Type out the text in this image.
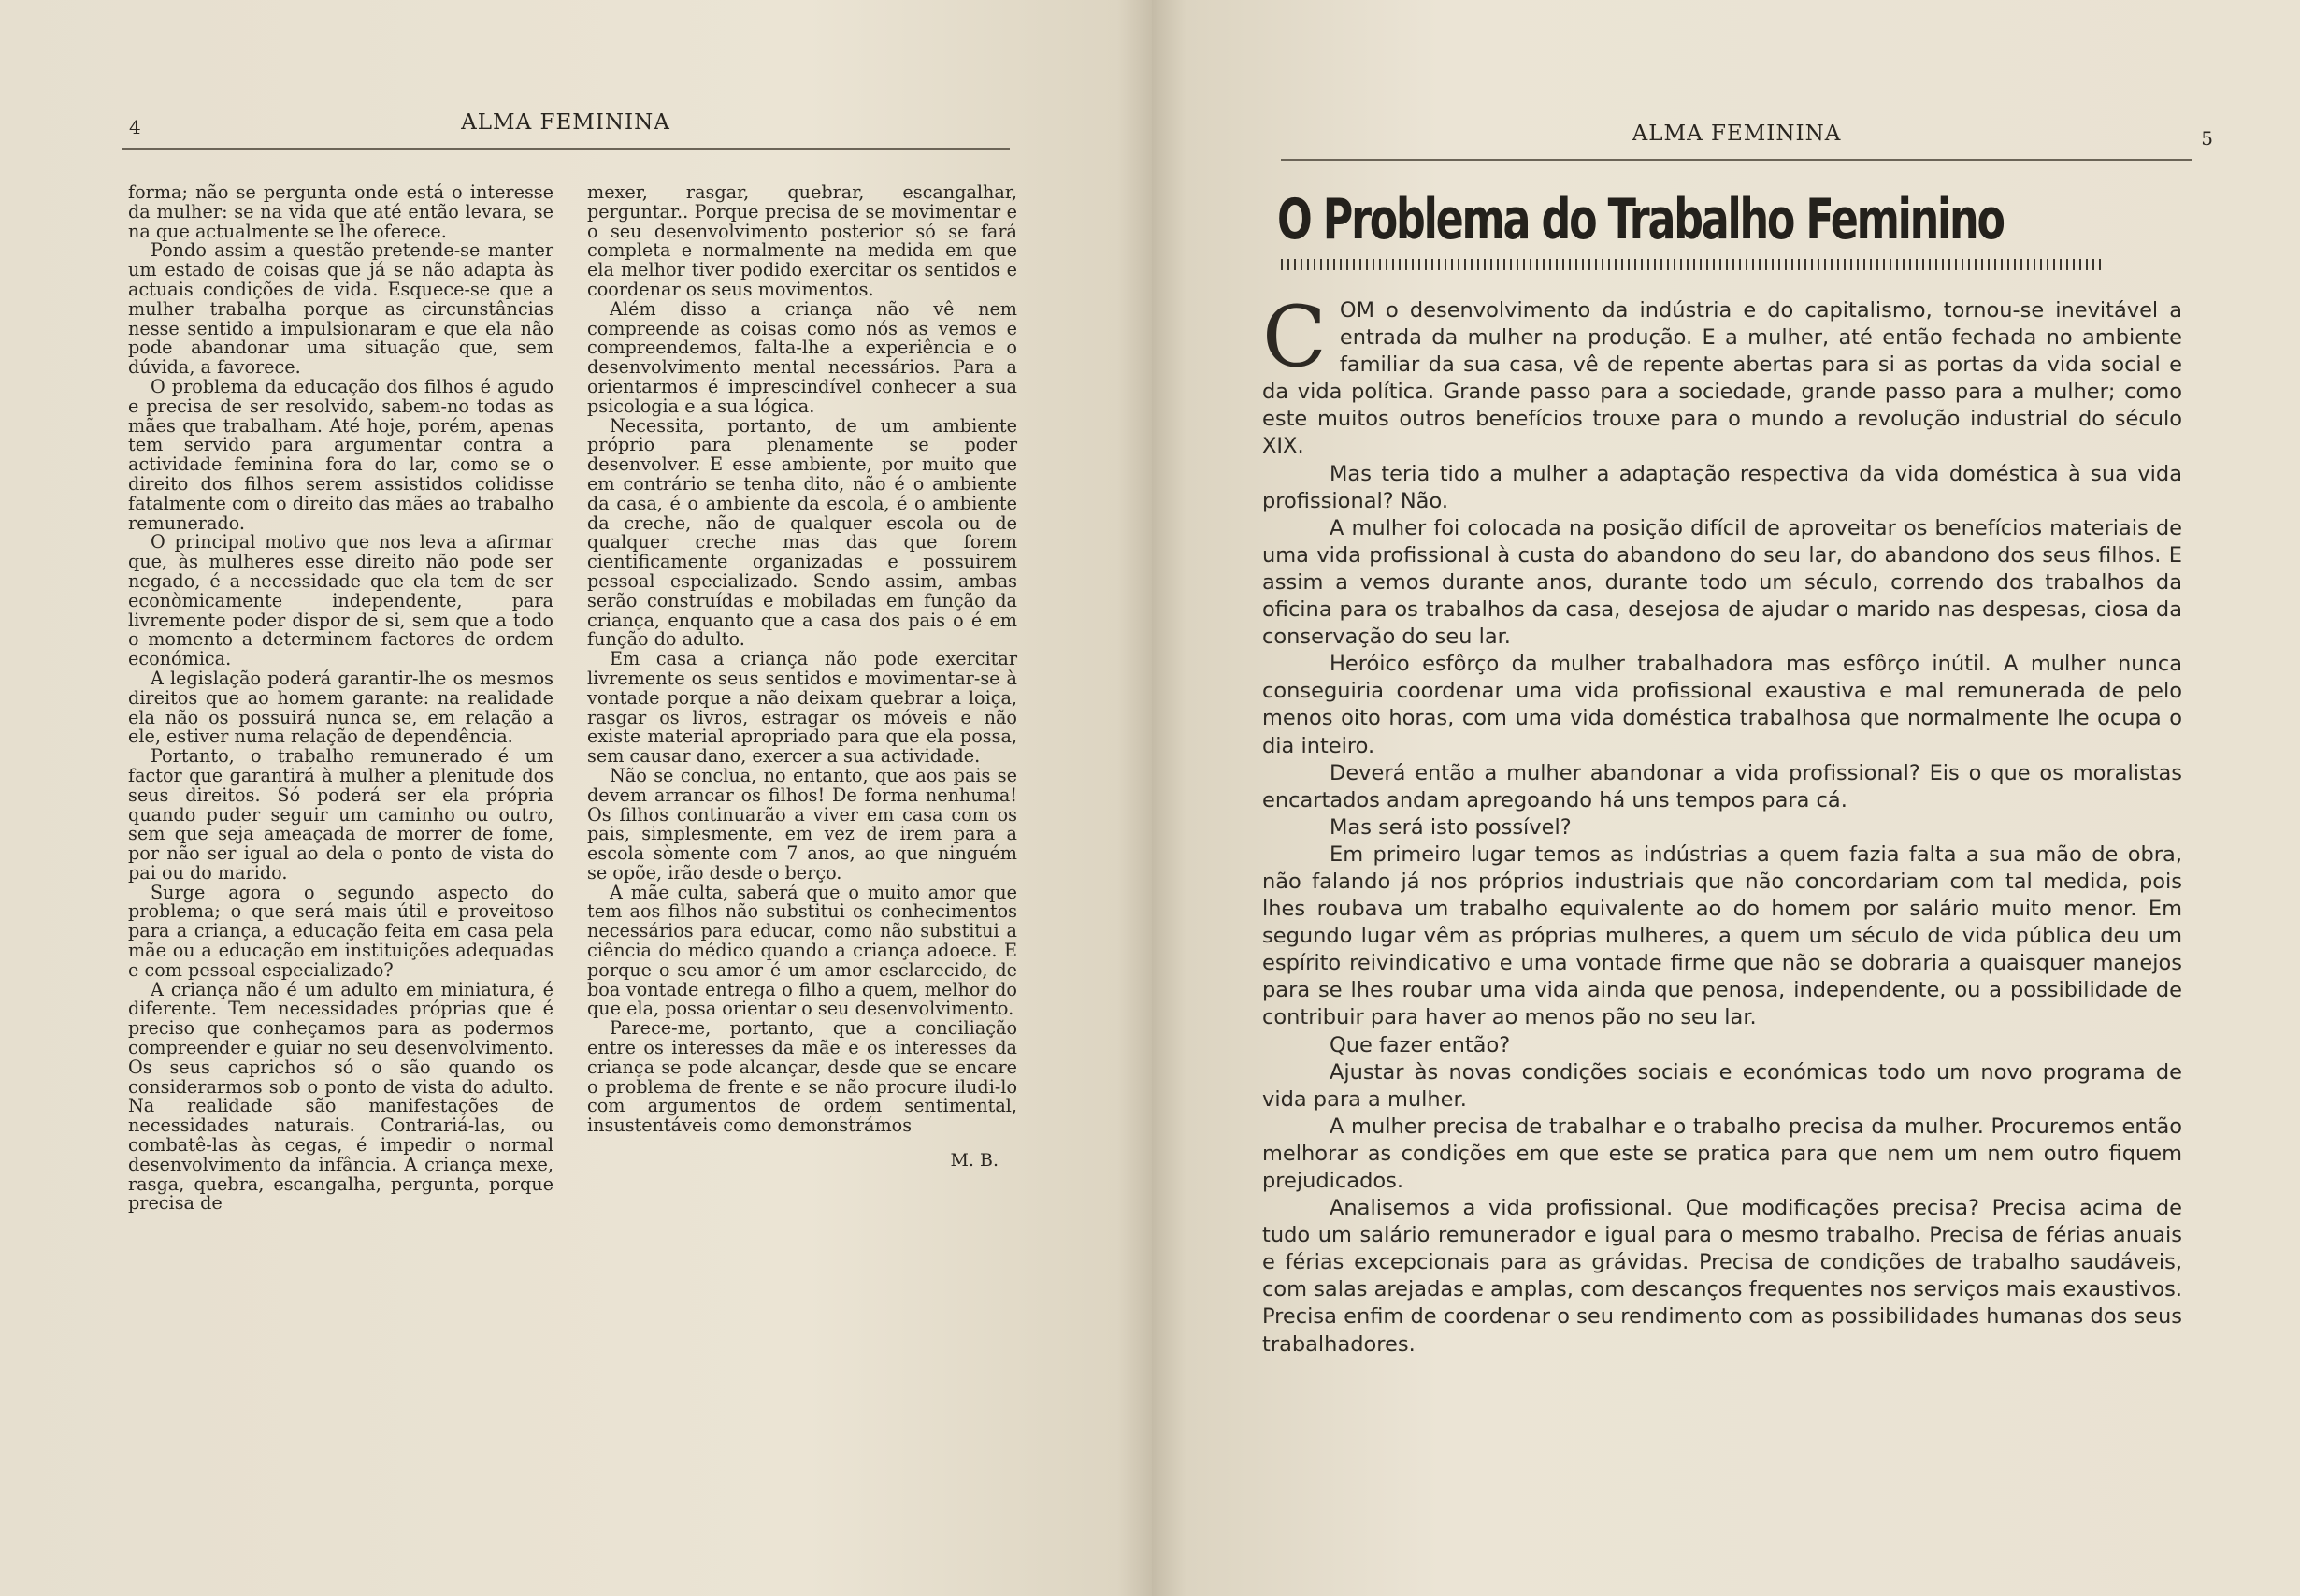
4	ALMA FEMININA

forma; não se pergunta onde está o interesse da mulher: se na vida que até então levara, se na que actualmente se lhe oferece.

Pondo assim a questão pretende-se manter um estado de coisas que já se não adapta às actuais condições de vida. Esquece-se que a mulher trabalha porque as circunstâncias nesse sentido a impulsionaram e que ela não pode abandonar uma situação que, sem dúvida, a favorece.

O problema da educação dos filhos é agudo e precisa de ser resolvido, sabem-no todas as mães que trabalham. Até hoje, porém, apenas tem servido para argumentar contra a actividade feminina fora do lar, como se o direito dos filhos serem assistidos colidisse fatalmente com o direito das mães ao trabalho remunerado.

O principal motivo que nos leva a afirmar que, às mulheres esse direito não pode ser negado, é a necessidade que ela tem de ser econòmicamente independente, para livremente poder dispor de si, sem que a todo o momento a determinem factores de ordem económica.

A legislação poderá garantir-lhe os mesmos direitos que ao homem garante: na realidade ela não os possuirá nunca se, em relação a ele, estiver numa relação de dependência.

Portanto, o trabalho remunerado é um factor que garantirá à mulher a plenitude dos seus direitos. Só poderá ser ela própria quando puder seguir um caminho ou outro, sem que seja ameaçada de morrer de fome, por não ser igual ao dela o ponto de vista do pai ou do marido.

Surge agora o segundo aspecto do problema; o que será mais útil e proveitoso para a criança, a educação feita em casa pela mãe ou a educação em instituições adequadas e com pessoal especializado?

A criança não é um adulto em miniatura, é diferente. Tem necessidades próprias que é preciso que conheçamos para as podermos compreender e guiar no seu desenvolvimento. Os seus caprichos só o são quando os considerarmos sob o ponto de vista do adulto. Na realidade são manifestações de necessidades naturais. Contrariá-las, ou combatê-las às cegas, é impedir o normal desenvolvimento da infância. A criança mexe, rasga, quebra, escangalha, pergunta, porque precisa de

mexer, rasgar, quebrar, escangalhar, perguntar.. Porque precisa de se movimentar e o seu desenvolvimento posterior só se fará completa e normalmente na medida em que ela melhor tiver podido exercitar os sentidos e coordenar os seus movimentos.

Além disso a criança não vê nem compreende as coisas como nós as vemos e compreendemos, falta-lhe a experiência e o desenvolvimento mental necessários. Para a orientarmos é imprescindível conhecer a sua psicologia e a sua lógica.

Necessita, portanto, de um ambiente próprio para plenamente se poder desenvolver. E esse ambiente, por muito que em contrário se tenha dito, não é o ambiente da casa, é o ambiente da escola, é o ambiente da creche, não de qualquer escola ou de qualquer creche mas das que forem cientificamente organizadas e possuirem pessoal especializado. Sendo assim, ambas serão construídas e mobiladas em função da criança, enquanto que a casa dos pais o é em função do adulto.

Em casa a criança não pode exercitar livremente os seus sentidos e movimentar-se à vontade porque a não deixam quebrar a loiça, rasgar os livros, estragar os móveis e não existe material apropriado para que ela possa, sem causar dano, exercer a sua actividade.

Não se conclua, no entanto, que aos pais se devem arrancar os filhos! De forma nenhuma! Os filhos continuarão a viver em casa com os pais, simplesmente, em vez de irem para a escola sòmente com 7 anos, ao que ninguém se opõe, irão desde o berço.

A mãe culta, saberá que o muito amor que tem aos filhos não substitui os conhecimentos necessários para educar, como não substitui a ciência do médico quando a criança adoece. E porque o seu amor é um amor esclarecido, de boa vontade entrega o filho a quem, melhor do que ela, possa orientar o seu desenvolvimento.

Parece-me, portanto, que a conciliação entre os interesses da mãe e os interesses da criança se pode alcançar, desde que se encare o problema de frente e se não procure iludi-lo com argumentos de ordem sentimental, insustentáveis como demonstrámos

M. B.
ALMA FEMININA	5
O Problema do Trabalho Feminino
C OM o desenvolvimento da indústria e do capitalismo, tornou-se inevitável a entrada da mulher na produção. E a mulher, até então fechada no ambiente familiar da sua casa, vê de repente abertas para si as portas da vida social e da vida política. Grande passo para a sociedade, grande passo para a mulher; como este muitos outros benefícios trouxe para o mundo a revolução industrial do século XIX.

Mas teria tido a mulher a adaptação respectiva da vida doméstica à sua vida profissional? Não.

A mulher foi colocada na posição difícil de aproveitar os benefícios materiais de uma vida profissional à custa do abandono do seu lar, do abandono dos seus filhos. E assim a vemos durante anos, durante todo um século, correndo dos trabalhos da oficina para os trabalhos da casa, desejosa de ajudar o marido nas despesas, ciosa da conservação do seu lar.

Heróico esfôrço da mulher trabalhadora mas esfôrço inútil. A mulher nunca conseguiria coordenar uma vida profissional exaustiva e mal remunerada de pelo menos oito horas, com uma vida doméstica trabalhosa que normalmente lhe ocupa o dia inteiro.

Deverá então a mulher abandonar a vida profissional? Eis o que os moralistas encartados andam apregoando há uns tempos para cá.

Mas será isto possível?

Em primeiro lugar temos as indústrias a quem fazia falta a sua mão de obra, não falando já nos próprios industriais que não concordariam com tal medida, pois lhes roubava um trabalho equivalente ao do homem por salário muito menor. Em segundo lugar vêm as próprias mulheres, a quem um século de vida pública deu um espírito reivindicativo e uma vontade firme que não se dobraria a quaisquer manejos para se lhes roubar uma vida ainda que penosa, independente, ou a possibilidade de contribuir para haver ao menos pão no seu lar.

Que fazer então?

Ajustar às novas condições sociais e económicas todo um novo programa de vida para a mulher.

A mulher precisa de trabalhar e o trabalho precisa da mulher. Procuremos então melhorar as condições em que este se pratica para que nem um nem outro fiquem prejudicados.

Analisemos a vida profissional. Que modificações precisa? Precisa acima de tudo um salário remunerador e igual para o mesmo trabalho. Precisa de férias anuais e férias excepcionais para as grávidas. Precisa de condições de trabalho saudáveis, com salas arejadas e amplas, com descanços frequentes nos serviços mais exaustivos. Precisa enfim de coordenar o seu rendimento com as possibilidades humanas dos seus trabalhadores.
